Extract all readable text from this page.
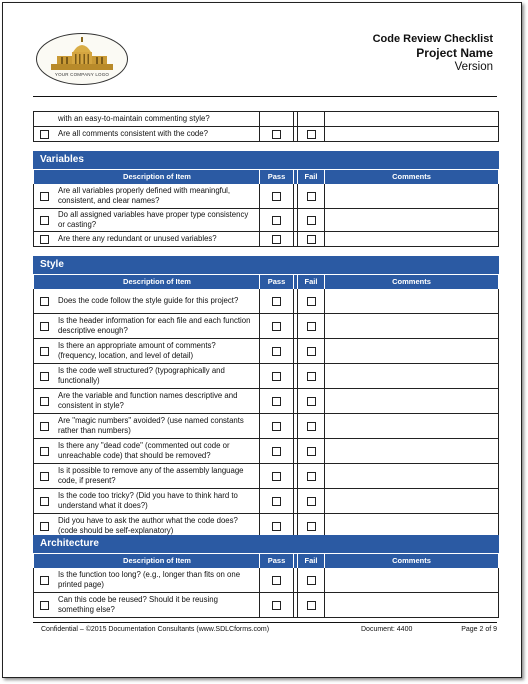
YOUR COMPANY LOGO
Code Review Checklist
Project Name
Version
with an easy-to-maintain commenting style?
Are all comments consistent with the code?
Variables
Description of Item	Pass	Fail	Comments
Are all variables properly defined with meaningful, consistent, and clear names?
Do all assigned variables have proper type consistency or casting?
Are there any redundant or unused variables?
Style
Description of Item	Pass	Fail	Comments
Does the code follow the style guide for this project?
Is the header information for each file and each function descriptive enough?
Is there an appropriate amount of comments? (frequency, location, and level of detail)
Is the code well structured? (typographically and functionally)
Are the variable and function names descriptive and consistent in style?
Are "magic numbers" avoided? (use named constants rather than numbers)
Is there any "dead code" (commented out code or unreachable code) that should be removed?
Is it possible to remove any of the assembly language code, if present?
Is the code too tricky? (Did you have to think hard to understand what it does?)
Did you have to ask the author what the code does? (code should be self-explanatory)
Architecture
Description of Item	Pass	Fail	Comments
Is the function too long? (e.g., longer than fits on one printed page)
Can this code be reused? Should it be reusing something else?
Confidential – ©2015 Documentation Consultants (www.SDLCforms.com)	Document: 4400	Page 2 of 9
